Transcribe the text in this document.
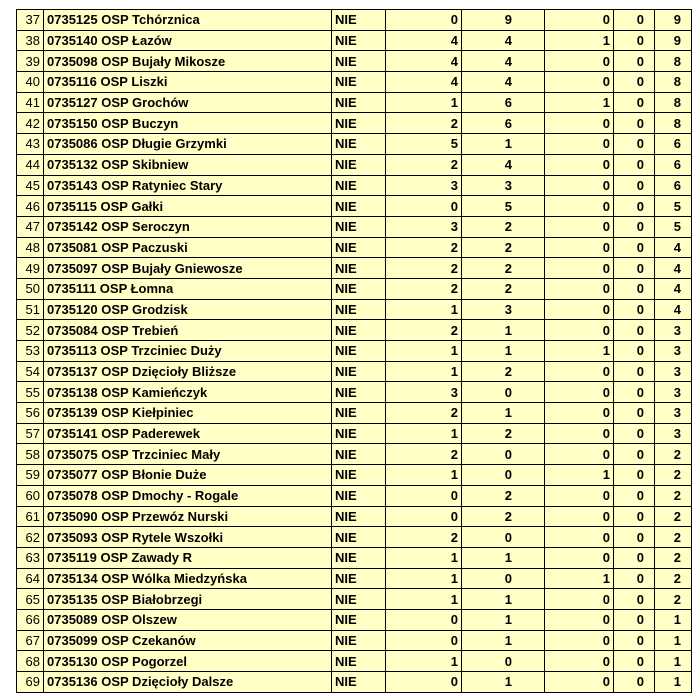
37	0735125 OSP Tchórznica	NIE	0	9	0	0	9
38	0735140 OSP Łazów	NIE	4	4	1	0	9
39	0735098 OSP Bujały Mikosze	NIE	4	4	0	0	8
40	0735116 OSP Liszki	NIE	4	4	0	0	8
41	0735127 OSP Grochów	NIE	1	6	1	0	8
42	0735150 OSP Buczyn	NIE	2	6	0	0	8
43	0735086 OSP Długie Grzymki	NIE	5	1	0	0	6
44	0735132 OSP Skibniew	NIE	2	4	0	0	6
45	0735143 OSP Ratyniec Stary	NIE	3	3	0	0	6
46	0735115 OSP Gałki	NIE	0	5	0	0	5
47	0735142 OSP Seroczyn	NIE	3	2	0	0	5
48	0735081 OSP Paczuski	NIE	2	2	0	0	4
49	0735097 OSP Bujały Gniewosze	NIE	2	2	0	0	4
50	0735111 OSP Łomna	NIE	2	2	0	0	4
51	0735120 OSP Grodzisk	NIE	1	3	0	0	4
52	0735084 OSP Trebień	NIE	2	1	0	0	3
53	0735113 OSP Trzciniec Duży	NIE	1	1	1	0	3
54	0735137 OSP Dzięcioły Bliższe	NIE	1	2	0	0	3
55	0735138 OSP Kamieńczyk	NIE	3	0	0	0	3
56	0735139 OSP Kiełpiniec	NIE	2	1	0	0	3
57	0735141 OSP Paderewek	NIE	1	2	0	0	3
58	0735075 OSP Trzciniec Mały	NIE	2	0	0	0	2
59	0735077 OSP Błonie Duże	NIE	1	0	1	0	2
60	0735078 OSP Dmochy - Rogale	NIE	0	2	0	0	2
61	0735090 OSP Przewóz Nurski	NIE	0	2	0	0	2
62	0735093 OSP Rytele Wszołki	NIE	2	0	0	0	2
63	0735119 OSP Zawady R	NIE	1	1	0	0	2
64	0735134 OSP Wólka Miedzyńska	NIE	1	0	1	0	2
65	0735135 OSP Białobrzegi	NIE	1	1	0	0	2
66	0735089 OSP Olszew	NIE	0	1	0	0	1
67	0735099 OSP Czekanów	NIE	0	1	0	0	1
68	0735130 OSP Pogorzel	NIE	1	0	0	0	1
69	0735136 OSP Dzięcioły Dalsze	NIE	0	1	0	0	1
